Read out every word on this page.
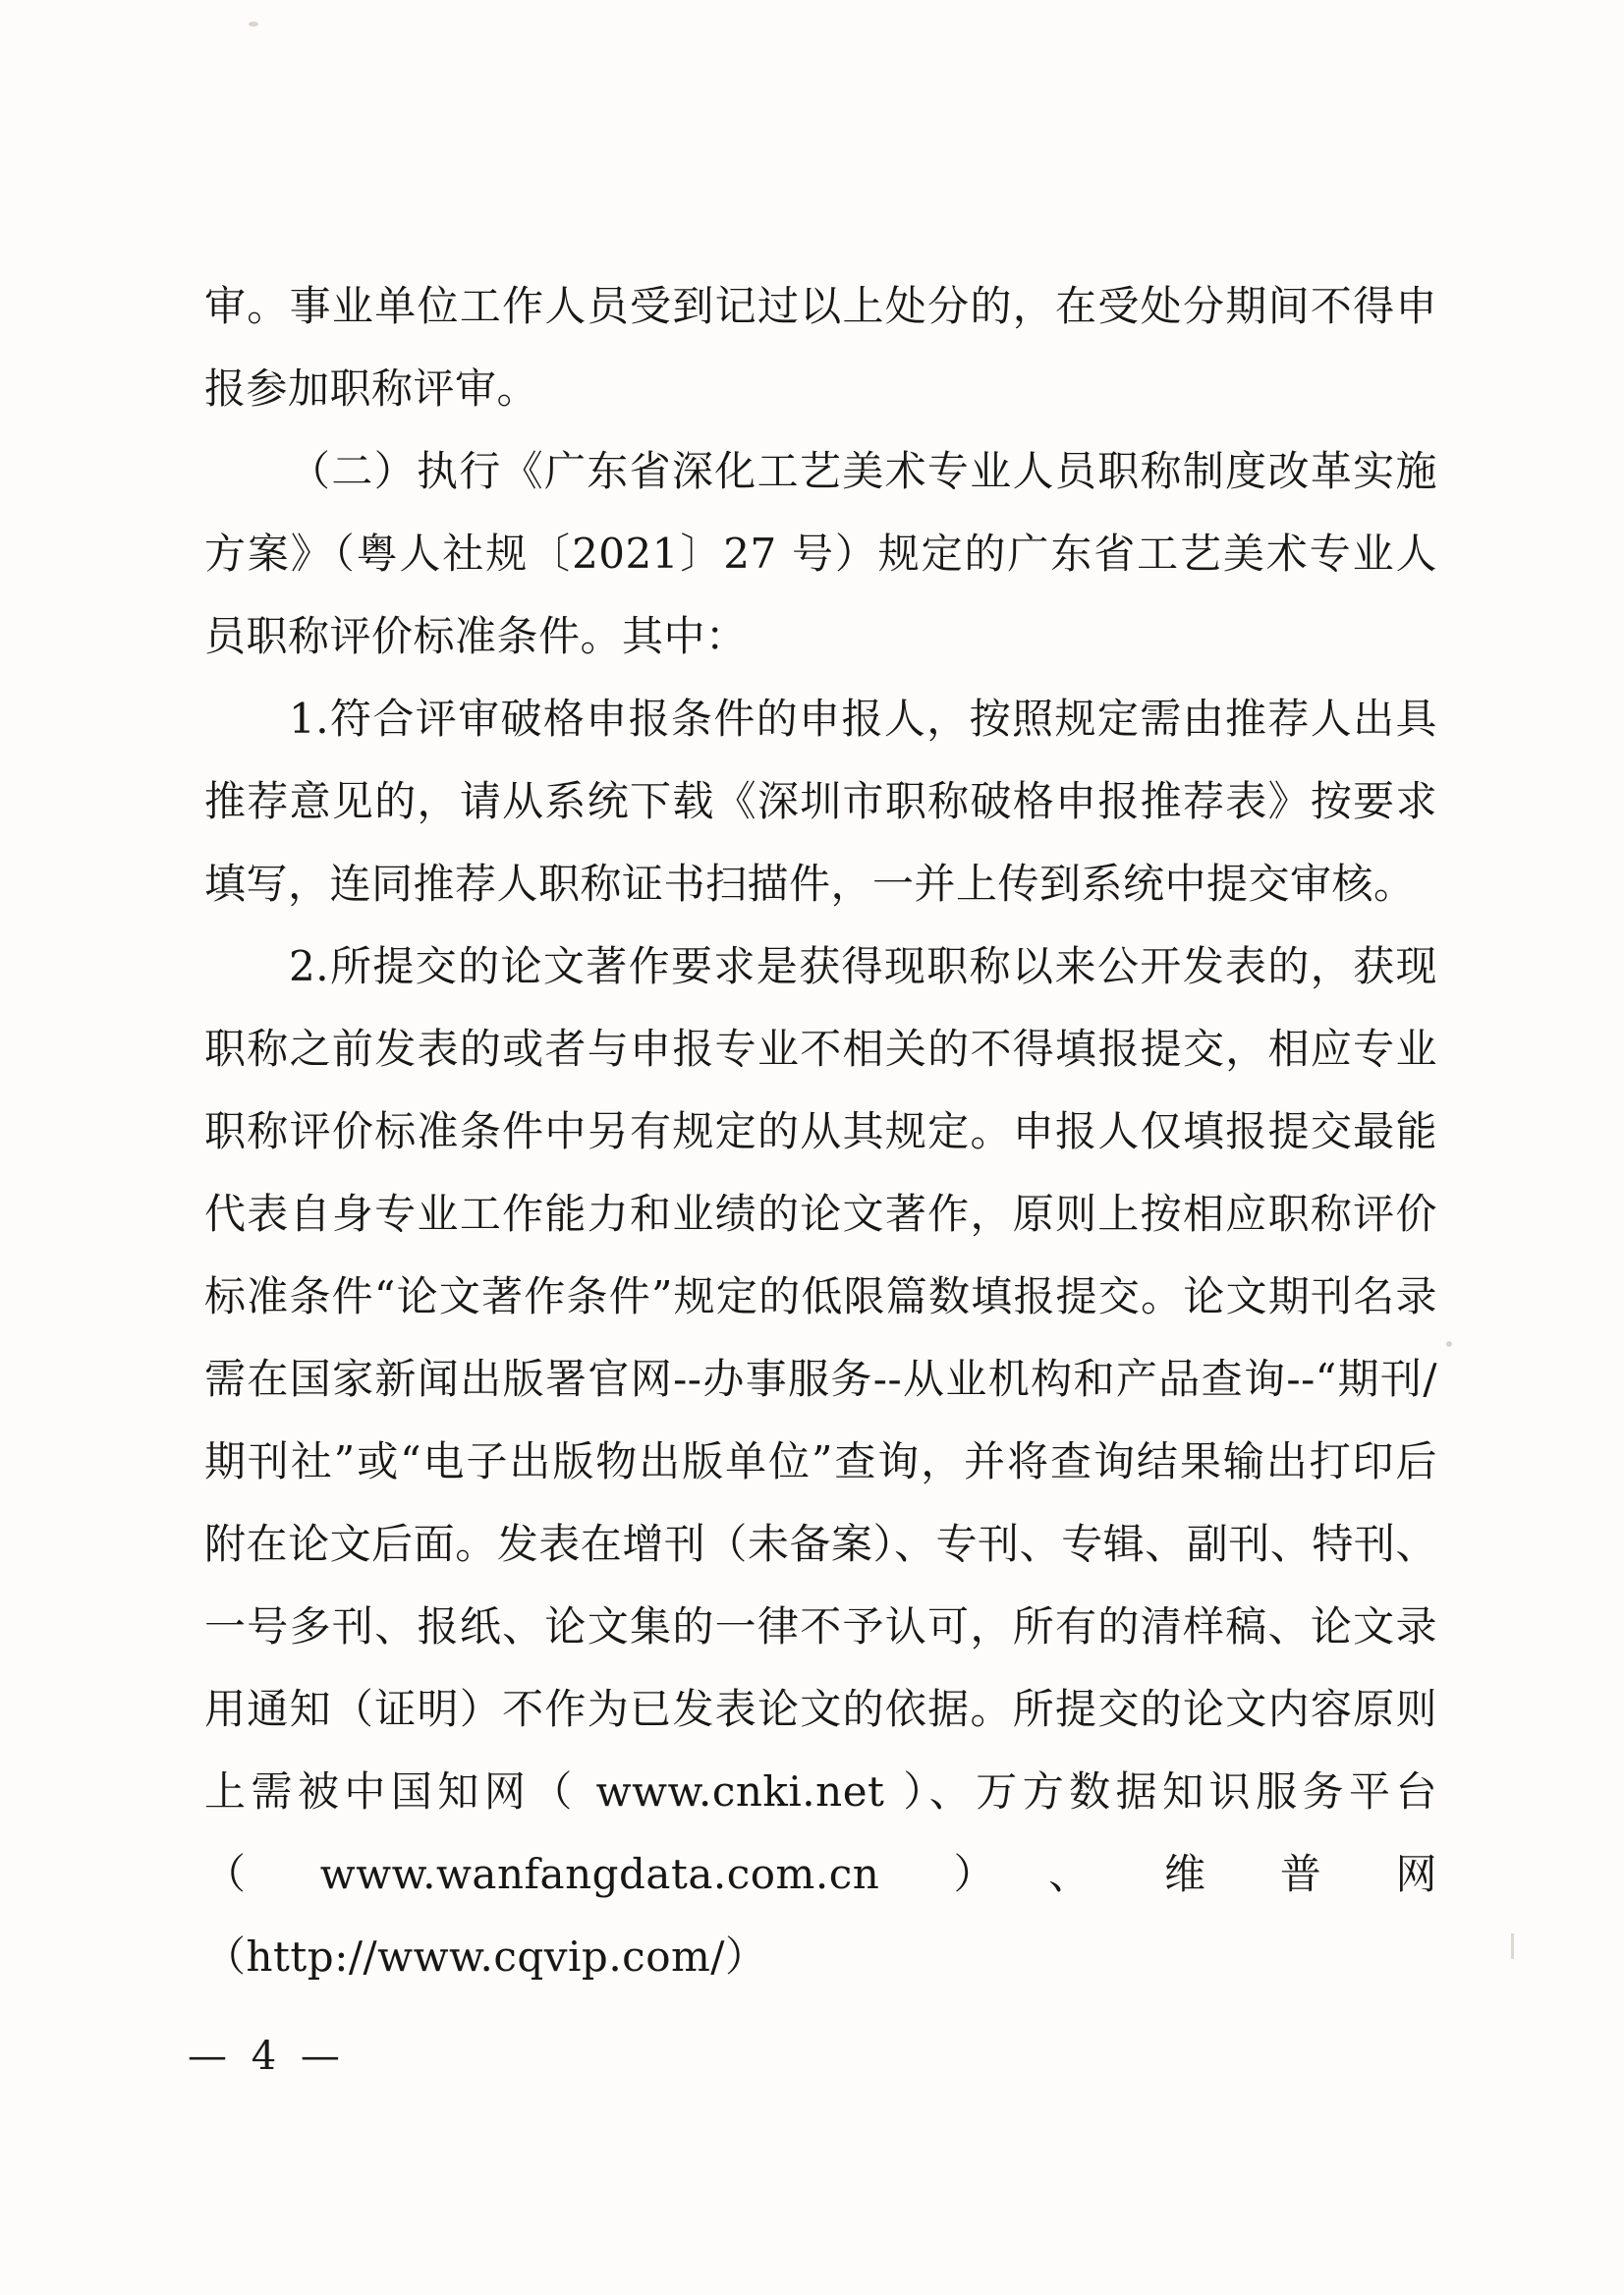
审。事业单位工作人员受到记过以上处分的，在受处分期间不得申报参加职称评审。

（二）执行《广东省深化工艺美术专业人员职称制度改革实施方案》（粤人社规〔2021〕27 号）规定的广东省工艺美术专业人员职称评价标准条件。其中：

1.符合评审破格申报条件的申报人，按照规定需由推荐人出具推荐意见的，请从系统下载《深圳市职称破格申报推荐表》按要求填写，连同推荐人职称证书扫描件，一并上传到系统中提交审核。

2.所提交的论文著作要求是获得现职称以来公开发表的，获现职称之前发表的或者与申报专业不相关的不得填报提交，相应专业职称评价标准条件中另有规定的从其规定。申报人仅填报提交最能代表自身专业工作能力和业绩的论文著作，原则上按相应职称评价标准条件“论文著作条件”规定的低限篇数填报提交。论文期刊名录需在国家新闻出版署官网--办事服务--从业机构和产品查询--“期刊/期刊社”或“电子出版物出版单位”查询，并将查询结果输出打印后附在论文后面。发表在增刊（未备案）、专刊、专辑、副刊、特刊、一号多刊、报纸、论文集的一律不予认可，所有的清样稿、论文录用通知（证明）不作为已发表论文的依据。所提交的论文内容原则上需被中国知网（ www.cnki.net ）、万方数据知识服务平台（www.wanfangdata.com.cn）、维普网（http://www.cqvip.com/）

— 4 —
